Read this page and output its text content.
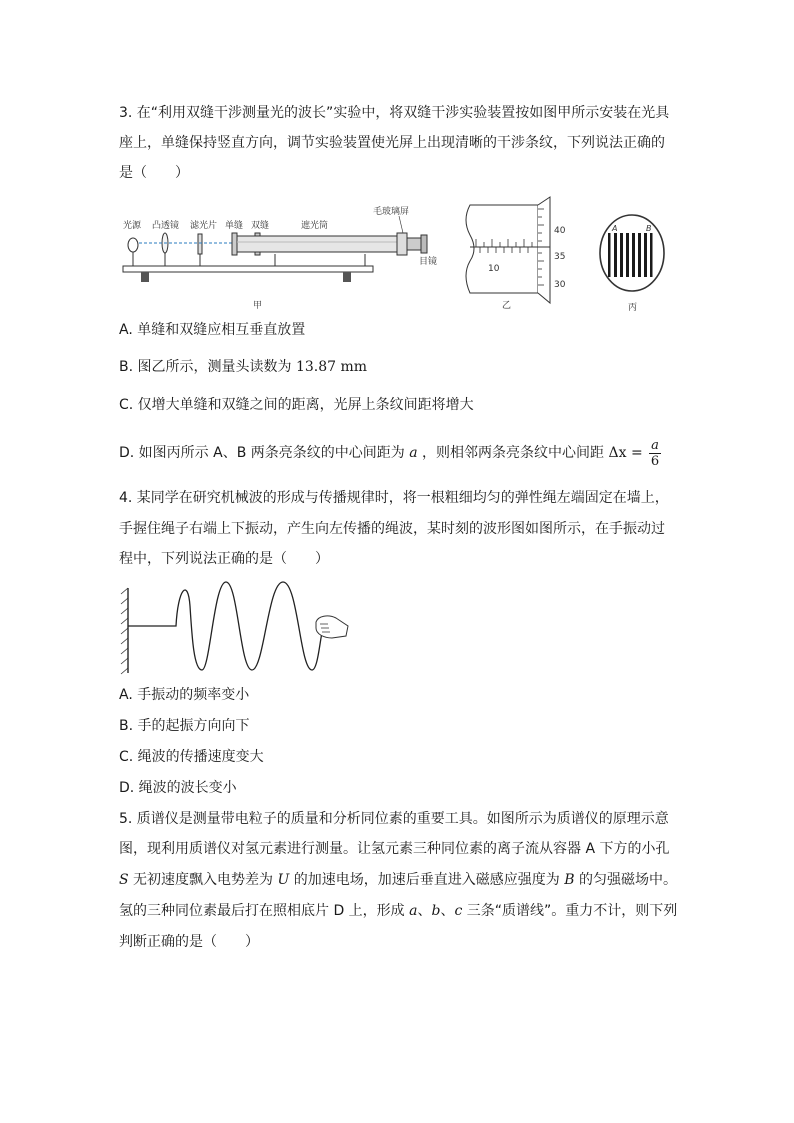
3. 在“利用双缝干涉测量光的波长”实验中，将双缝干涉实验装置按如图甲所示安装在光具
座上，单缝保持竖直方向，调节实验装置使光屏上出现清晰的干涉条纹，下列说法正确的
是（　　）
光源 凸透镜 滤光片 单缝 双缝	遮光筒
毛玻璃屏
目镜
甲
40
35
30
10
乙
A	B
丙
A. 单缝和双缝应相互垂直放置
B. 图乙所示，测量头读数为 13.87 mm
C. 仅增大单缝和双缝之间的距离，光屏上条纹间距将增大
D. 如图丙所示 A、B 两条亮条纹的中心间距为 a ，则相邻两条亮条纹中心间距 $\Delta x = \frac{a}{6}$
4. 某同学在研究机械波的形成与传播规律时，将一根粗细均匀的弹性绳左端固定在墙上，
手握住绳子右端上下振动，产生向左传播的绳波，某时刻的波形图如图所示，在手振动过
程中，下列说法正确的是（　　）
A. 手振动的频率变小
B. 手的起振方向向下
C. 绳波的传播速度变大
D. 绳波的波长变小
5. 质谱仪是测量带电粒子的质量和分析同位素的重要工具。如图所示为质谱仪的原理示意
图，现利用质谱仪对氢元素进行测量。让氢元素三种同位素的离子流从容器 A 下方的小孔
S 无初速度飘入电势差为 U 的加速电场，加速后垂直进入磁感应强度为 B 的匀强磁场中。
氢的三种同位素最后打在照相底片 D 上，形成 a、b、c 三条“质谱线”。重力不计，则下列
判断正确的是（　　）
